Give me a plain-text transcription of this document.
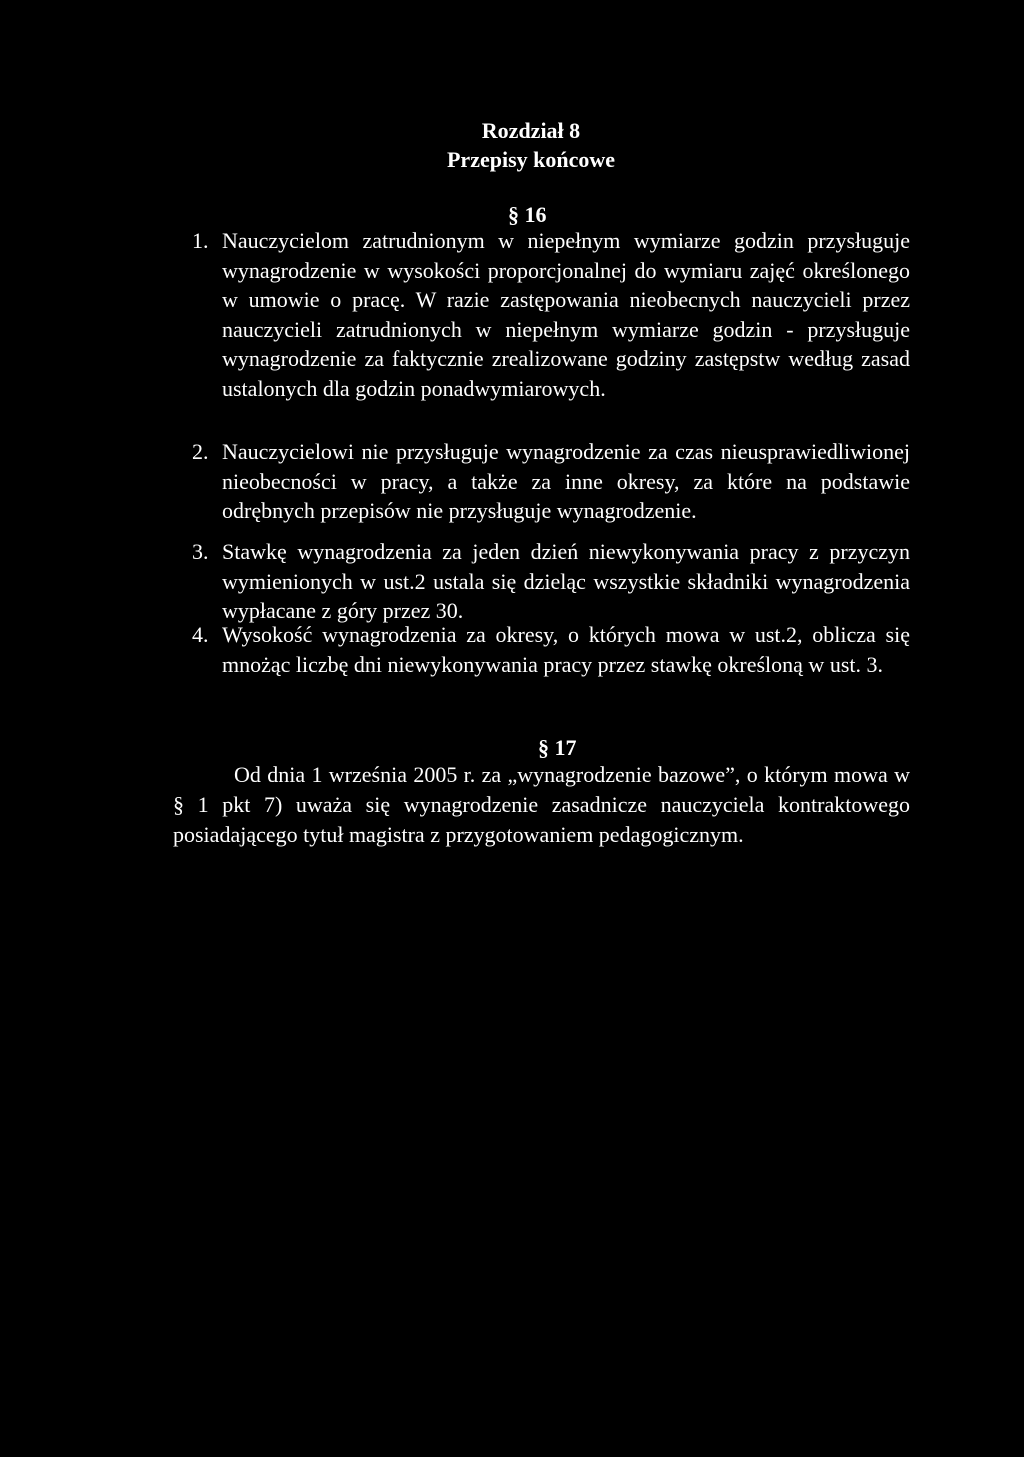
Rozdział 8
Przepisy końcowe
§ 16
1. Nauczycielom zatrudnionym w niepełnym wymiarze godzin przysługuje wynagrodzenie w wysokości proporcjonalnej do wymiaru zajęć określonego w umowie o pracę. W razie zastępowania nieobecnych nauczycieli przez nauczycieli zatrudnionych w niepełnym wymiarze godzin - przysługuje wynagrodzenie za faktycznie zrealizowane godziny zastępstw według zasad ustalonych dla godzin ponadwymiarowych.
2. Nauczycielowi nie przysługuje wynagrodzenie za czas nieusprawiedliwionej nieobecności w pracy, a także za inne okresy, za które na podstawie odrębnych przepisów nie przysługuje wynagrodzenie.
3. Stawkę wynagrodzenia za jeden dzień niewykonywania pracy z przyczyn wymienionych w ust.2 ustala się dzieląc wszystkie składniki wynagrodzenia wypłacane z góry przez 30.
4. Wysokość wynagrodzenia za okresy, o których mowa w ust.2, oblicza się mnożąc liczbę dni niewykonywania pracy przez stawkę określoną w ust. 3.
§ 17
Od dnia 1 września 2005 r. za „wynagrodzenie bazowe”, o którym mowa w § 1 pkt 7) uważa się wynagrodzenie zasadnicze nauczyciela kontraktowego posiadającego tytuł magistra z przygotowaniem pedagogicznym.
